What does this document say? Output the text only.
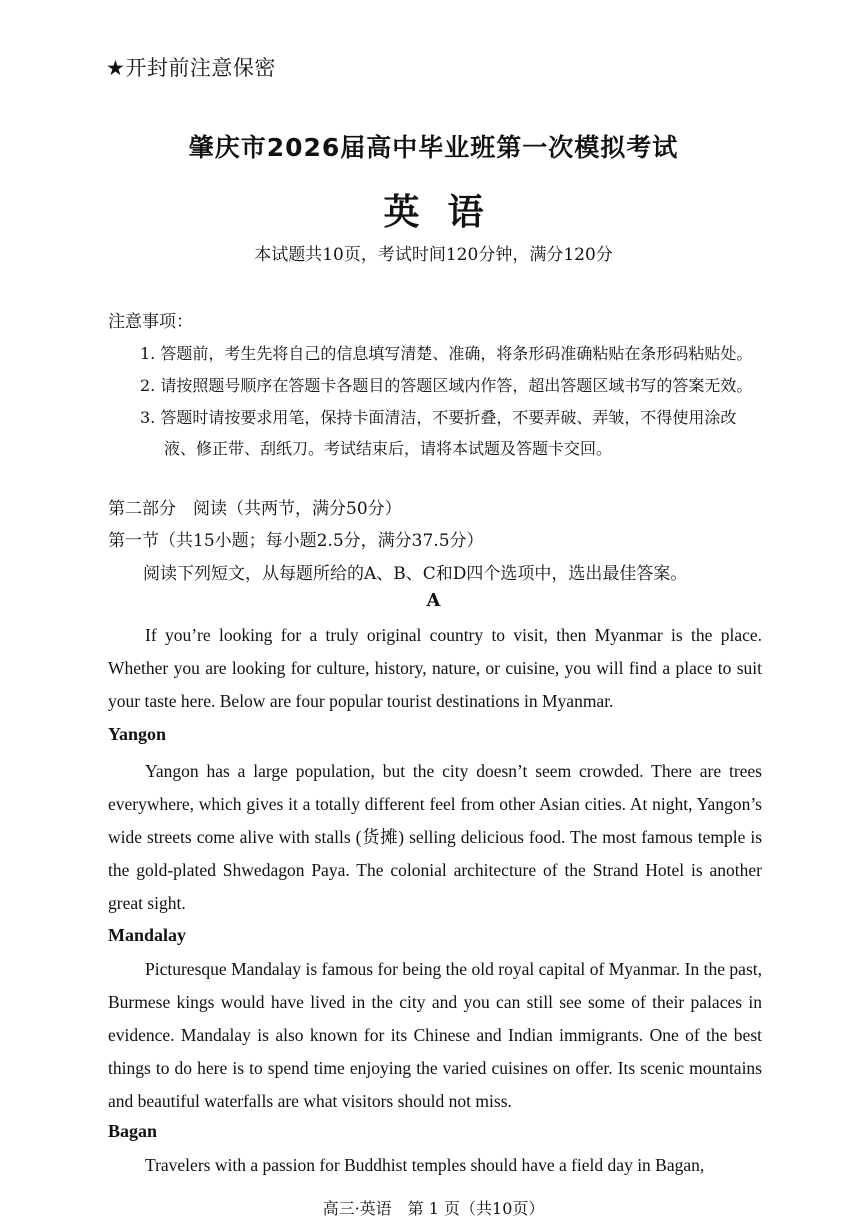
★开封前注意保密
肇庆市2026届高中毕业班第一次模拟考试
英语
本试题共10页，考试时间120分钟，满分120分
注意事项：
1. 答题前，考生先将自己的信息填写清楚、准确，将条形码准确粘贴在条形码粘贴处。
2. 请按照题号顺序在答题卡各题目的答题区域内作答，超出答题区域书写的答案无效。
3. 答题时请按要求用笔，保持卡面清洁，不要折叠，不要弄破、弄皱，不得使用涂改
液、修正带、刮纸刀。考试结束后，请将本试题及答题卡交回。
第二部分　阅读（共两节，满分50分）
第一节（共15小题；每小题2.5分，满分37.5分）
阅读下列短文，从每题所给的A、B、C和D四个选项中，选出最佳答案。
A
If you’re looking for a truly original country to visit, then Myanmar is the place. Whether you are looking for culture, history, nature, or cuisine, you will find a place to suit your taste here. Below are four popular tourist destinations in Myanmar.
Yangon
Yangon has a large population, but the city doesn’t seem crowded. There are trees everywhere, which gives it a totally different feel from other Asian cities. At night, Yangon’s wide streets come alive with stalls (货摊) selling delicious food. The most famous temple is the gold-plated Shwedagon Paya. The colonial architecture of the Strand Hotel is another great sight.
Mandalay
Picturesque Mandalay is famous for being the old royal capital of Myanmar. In the past, Burmese kings would have lived in the city and you can still see some of their palaces in evidence. Mandalay is also known for its Chinese and Indian immigrants. One of the best things to do here is to spend time enjoying the varied cuisines on offer. Its scenic mountains and beautiful waterfalls are what visitors should not miss.
Bagan
Travelers with a passion for Buddhist temples should have a field day in Bagan,
高三·英语　第 1 页（共10页）
